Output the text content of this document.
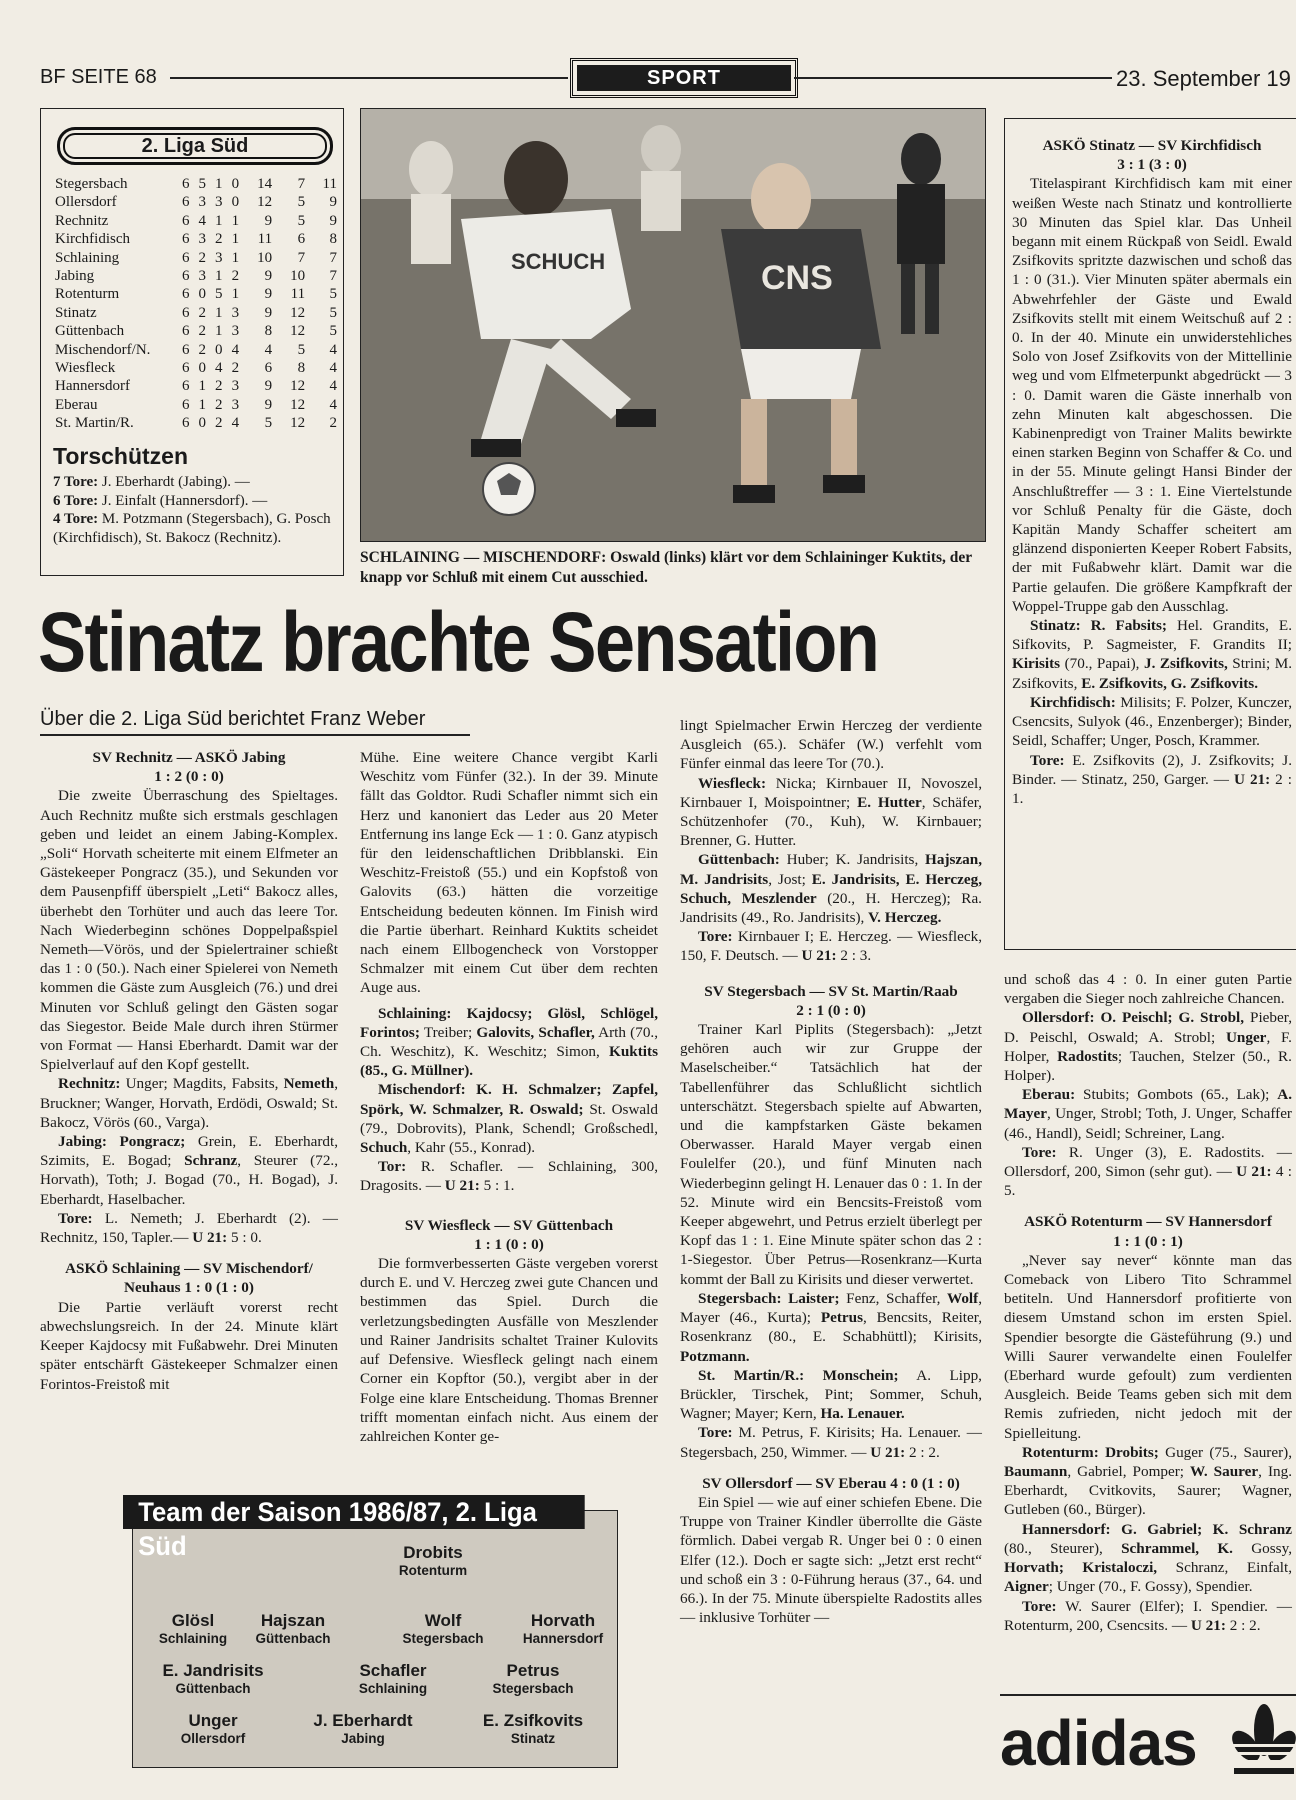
BF SEITE 68	SPORT	23. September 19
2. Liga Süd
Stegersbach	6	5	1	0	14	7	11
Ollersdorf	6	3	3	0	12	5	9
Rechnitz	6	4	1	1	9	5	9
Kirchfidisch	6	3	2	1	11	6	8
Schlaining	6	2	3	1	10	7	7
Jabing	6	3	1	2	9	10	7
Rotenturm	6	0	5	1	9	11	5
Stinatz	6	2	1	3	9	12	5
Güttenbach	6	2	1	3	8	12	5
Mischendorf/N.	6	2	0	4	4	5	4
Wiesfleck	6	0	4	2	6	8	4
Hannersdorf	6	1	2	3	9	12	4
Eberau	6	1	2	3	9	12	4
St. Martin/R.	6	0	2	4	5	12	2
Torschützen
7 Tore: J. Eberhardt (Jabing). —
6 Tore: J. Einfalt (Hannersdorf). —
4 Tore: M. Potzmann (Stegersbach), G. Posch (Kirchfidisch), St. Bakocz (Rechnitz).
SCHUCH	CNS
SCHLAINING — MISCHENDORF: Oswald (links) klärt vor dem Schlaininger Kuktits, der knapp vor Schluß mit einem Cut ausschied.
Stinatz brachte Sensation
Über die 2. Liga Süd berichtet Franz Weber
SV Rechnitz — ASKÖ Jabing
1 : 2 (0 : 0)

Die zweite Überraschung des Spieltages. Auch Rechnitz mußte sich erstmals geschlagen geben und leidet an einem Jabing-Komplex. „Soli“ Horvath scheiterte mit einem Elfmeter an Gästekeeper Pongracz (35.), und Sekunden vor dem Pausenpfiff überspielt „Leti“ Bakocz alles, überhebt den Torhüter und auch das leere Tor. Nach Wiederbeginn schönes Doppelpaßspiel Nemeth—Vörös, und der Spielertrainer schießt das 1 : 0 (50.). Nach einer Spielerei von Nemeth kommen die Gäste zum Ausgleich (76.) und drei Minuten vor Schluß gelingt den Gästen sogar das Siegestor. Beide Male durch ihren Stürmer von Format — Hansi Eberhardt. Damit war der Spielverlauf auf den Kopf gestellt.

Rechnitz: Unger; Magdits, Fabsits, Nemeth, Bruckner; Wanger, Horvath, Erdödi, Oswald; St. Bakocz, Vörös (60., Varga).

Jabing: Pongracz; Grein, E. Eberhardt, Szimits, E. Bogad; Schranz, Steurer (72., Horvath), Toth; J. Bogad (70., H. Bogad), J. Eberhardt, Haselbacher.

Tore: L. Nemeth; J. Eberhardt (2). — Rechnitz, 150, Tapler.— U 21: 5 : 0.

ASKÖ Schlaining — SV Mischendorf/
Neuhaus 1 : 0 (1 : 0)

Die Partie verläuft vorerst recht abwechslungsreich. In der 24. Minute klärt Keeper Kajdocsy mit Fußabwehr. Drei Minuten später entschärft Gästekeeper Schmalzer einen Forintos-Freistoß mit

Mühe. Eine weitere Chance vergibt Karli Weschitz vom Fünfer (32.). In der 39. Minute fällt das Goldtor. Rudi Schafler nimmt sich ein Herz und kanoniert das Leder aus 20 Meter Entfernung ins lange Eck — 1 : 0. Ganz atypisch für den leidenschaftlichen Dribblanski. Ein Weschitz-Freistoß (55.) und ein Kopfstoß von Galovits (63.) hätten die vorzeitige Entscheidung bedeuten können. Im Finish wird die Partie überhart. Reinhard Kuktits scheidet nach einem Ellbogencheck von Vorstopper Schmalzer mit einem Cut über dem rechten Auge aus.

Schlaining: Kajdocsy; Glösl, Schlögel, Forintos; Treiber; Galovits, Schafler, Arth (70., Ch. Weschitz), K. Weschitz; Simon, Kuktits (85., G. Müllner).

Mischendorf: K. H. Schmalzer; Zapfel, Spörk, W. Schmalzer, R. Oswald; St. Oswald (79., Dobrovits), Plank, Schendl; Großschedl, Schuch, Kahr (55., Konrad).

Tor: R. Schafler. — Schlaining, 300, Dragosits. — U 21: 5 : 1.

SV Wiesfleck — SV Güttenbach
1 : 1 (0 : 0)

Die formverbesserten Gäste vergeben vorerst durch E. und V. Herczeg zwei gute Chancen und bestimmen das Spiel. Durch die verletzungsbedingten Ausfälle von Meszlender und Rainer Jandrisits schaltet Trainer Kulovits auf Defensive. Wiesfleck gelingt nach einem Corner ein Kopftor (50.), vergibt aber in der Folge eine klare Entscheidung. Thomas Brenner trifft momentan einfach nicht. Aus einem der zahlreichen Konter ge-

lingt Spielmacher Erwin Herczeg der verdiente Ausgleich (65.). Schäfer (W.) verfehlt vom Fünfer einmal das leere Tor (70.).

Wiesfleck: Nicka; Kirnbauer II, Novoszel, Kirnbauer I, Moispointner; E. Hutter, Schäfer, Schützenhofer (70., Kuh), W. Kirnbauer; Brenner, G. Hutter.

Güttenbach: Huber; K. Jandrisits, Hajszan, M. Jandrisits, Jost; E. Jandrisits, E. Herczeg, Schuch, Meszlender (20., H. Herczeg); Ra. Jandrisits (49., Ro. Jandrisits), V. Herczeg.

Tore: Kirnbauer I; E. Herczeg. — Wiesfleck, 150, F. Deutsch. — U 21: 2 : 3.

SV Stegersbach — SV St. Martin/Raab
2 : 1 (0 : 0)

Trainer Karl Piplits (Stegersbach): „Jetzt gehören auch wir zur Gruppe der Maselscheiber.“ Tatsächlich hat der Tabellenführer das Schlußlicht sichtlich unterschätzt. Stegersbach spielte auf Abwarten, und die kampfstarken Gäste bekamen Oberwasser. Harald Mayer vergab einen Foulelfer (20.), und fünf Minuten nach Wiederbeginn gelingt H. Lenauer das 0 : 1. In der 52. Minute wird ein Bencsits-Freistoß vom Keeper abgewehrt, und Petrus erzielt überlegt per Kopf das 1 : 1. Eine Minute später schon das 2 : 1-Siegestor. Über Petrus—Rosenkranz—Kurta kommt der Ball zu Kirisits und dieser verwertet.

Stegersbach: Laister; Fenz, Schaffer, Wolf, Mayer (46., Kurta); Petrus, Bencsits, Reiter, Rosenkranz (80., E. Schabhüttl); Kirisits, Potzmann.

St. Martin/R.: Monschein; A. Lipp, Brückler, Tirschek, Pint; Sommer, Schuh, Wagner; Mayer; Kern, Ha. Lenauer.

Tore: M. Petrus, F. Kirisits; Ha. Lenauer. — Stegersbach, 250, Wimmer. — U 21: 2 : 2.

SV Ollersdorf — SV Eberau 4 : 0 (1 : 0)

Ein Spiel — wie auf einer schiefen Ebene. Die Truppe von Trainer Kindler überrollte die Gäste förmlich. Dabei vergab R. Unger bei 0 : 0 einen Elfer (12.). Doch er sagte sich: „Jetzt erst recht“ und schoß ein 3 : 0-Führung heraus (37., 64. und 66.). In der 75. Minute überspielte Radostits alles — inklusive Torhüter —

ASKÖ Stinatz — SV Kirchfidisch
3 : 1 (3 : 0)

Titelaspirant Kirchfidisch kam mit einer weißen Weste nach Stinatz und kontrollierte 30 Minuten das Spiel klar. Das Unheil begann mit einem Rückpaß von Seidl. Ewald Zsifkovits spritzte dazwischen und schoß das 1 : 0 (31.). Vier Minuten später abermals ein Abwehrfehler der Gäste und Ewald Zsifkovits stellt mit einem Weitschuß auf 2 : 0. In der 40. Minute ein unwiderstehliches Solo von Josef Zsifkovits von der Mittellinie weg und vom Elfmeterpunkt abgedrückt — 3 : 0. Damit waren die Gäste innerhalb von zehn Minuten kalt abgeschossen. Die Kabinenpredigt von Trainer Malits bewirkte einen starken Beginn von Schaffer & Co. und in der 55. Minute gelingt Hansi Binder der Anschlußtreffer — 3 : 1. Eine Viertelstunde vor Schluß Penalty für die Gäste, doch Kapitän Mandy Schaffer scheitert am glänzend disponierten Keeper Robert Fabsits, der mit Fußabwehr klärt. Damit war die Partie gelaufen. Die größere Kampfkraft der Woppel-Truppe gab den Ausschlag.

Stinatz: R. Fabsits; Hel. Grandits, E. Sifkovits, P. Sagmeister, F. Grandits II; Kirisits (70., Papai), J. Zsifkovits, Strini; M. Zsifkovits, E. Zsifkovits, G. Zsifkovits.

Kirchfidisch: Milisits; F. Polzer, Kunczer, Csencsits, Sulyok (46., Enzenberger); Binder, Seidl, Schaffer; Unger, Posch, Krammer.

Tore: E. Zsifkovits (2), J. Zsifkovits; J. Binder. — Stinatz, 250, Garger. — U 21: 2 : 1.

und schoß das 4 : 0. In einer guten Partie vergaben die Sieger noch zahlreiche Chancen.

Ollersdorf: O. Peischl; G. Strobl, Pieber, D. Peischl, Oswald; A. Strobl; Unger, F. Holper, Radostits; Tauchen, Stelzer (50., R. Holper).

Eberau: Stubits; Gombots (65., Lak); A. Mayer, Unger, Strobl; Toth, J. Unger, Schaffer (46., Handl), Seidl; Schreiner, Lang.

Tore: R. Unger (3), E. Radostits. — Ollersdorf, 200, Simon (sehr gut). — U 21: 4 : 5.

ASKÖ Rotenturm — SV Hannersdorf
1 : 1 (0 : 1)

„Never say never“ könnte man das Comeback von Libero Tito Schrammel betiteln. Und Hannersdorf profitierte von diesem Umstand schon im ersten Spiel. Spendier besorgte die Gästeführung (9.) und Willi Saurer verwandelte einen Foulelfer (Eberhard wurde gefoult) zum verdienten Ausgleich. Beide Teams geben sich mit dem Remis zufrieden, nicht jedoch mit der Spielleitung.

Rotenturm: Drobits; Guger (75., Saurer), Baumann, Gabriel, Pomper; W. Saurer, Ing. Eberhardt, Cvitkovits, Saurer; Wagner, Gutleben (60., Bürger).

Hannersdorf: G. Gabriel; K. Schranz (80., Steurer), Schrammel, K. Gossy, Horvath; Kristaloczi, Schranz, Einfalt, Aigner; Unger (70., F. Gossy), Spendier.

Tore: W. Saurer (Elfer); I. Spendier. — Rotenturm, 200, Csencsits. — U 21: 2 : 2.

Team der Saison 1986/87, 2. Liga Süd	Drobits
Rotenturm
Glösl
Schlaining
Hajszan
Güttenbach
Wolf
Stegersbach
Horvath
Hannersdorf
E. Jandrisits
Güttenbach
Schafler
Schlaining
Petrus
Stegersbach
Unger
Ollersdorf
J. Eberhardt
Jabing
E. Zsifkovits
Stinatz	adidas
